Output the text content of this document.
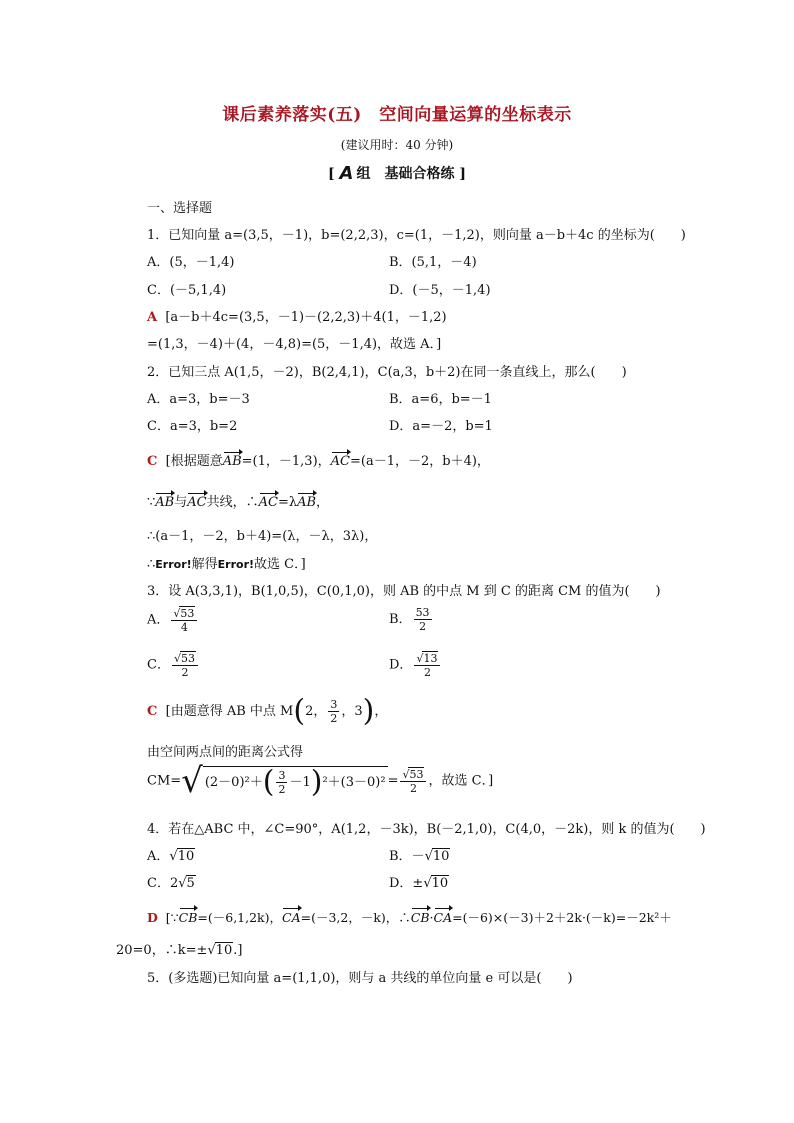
课后素养落实(五)　空间向量运算的坐标表示
(建议用时：40 分钟)
[ A 组　基础合格练 ]
一、选择题
1．已知向量 a=(3,5，－1)，b=(2,2,3)，c=(1，－1,2)，则向量 a－b＋4c 的坐标为(　　)
A．(5，－1,4)	B．(5,1，－4)
C．(－5,1,4)	D．(－5，－1,4)
A [a－b＋4c=(3,5，－1)－(2,2,3)＋4(1，－1,2)
=(1,3，－4)＋(4，－4,8)=(5，－1,4)，故选 A．]
2．已知三点 A(1,5，－2)，B(2,4,1)，C(a,3，b＋2)在同一条直线上，那么(　　)
A．a=3，b=－3	B．a=6，b=－1
C．a=3，b=2	D．a=－2，b=1
C [根据题意AB=(1，－1,3)，AC=(a－1，－2，b＋4)，
∵AB与AC共线，∴AC=λAB，
∴(a－1，－2，b＋4)=(λ，－λ，3λ)，
∴Error!解得Error!故选 C．]
3．设 A(3,3,1)，B(1,0,5)，C(0,1,0)，则 AB 的中点 M 到 C 的距离 CM 的值为(　　)
A． $\frac{√53}{4}$	B． $\frac{53}{2}$
C． $\frac{√53}{2}$	D． $\frac{√13}{2}$
C [由题意得 AB 中点 M(2， $\frac{3}{2}$ ，3)，
由空间两点间的距离公式得
CM=√ $(2-0)^2+( \frac{3}{2} -1)^2+(3-0)^2 = \frac{√53}{2}$ ，故选 C．]
4．若在△ABC 中，∠C=90°，A(1,2，－3k)，B(－2,1,0)，C(4,0，－2k)，则 k 的值为(　　)
A．√10	B．－√10
C．2√5	D．±√10
D [∵CB=(－6,1,2k)，CA=(－3,2，－k)，∴CB·CA=(－6)×(－3)＋2＋2k·(－k)=－2k²＋
20=0，∴k=±√10.]
5．(多选题)已知向量 a=(1,1,0)，则与 a 共线的单位向量 e 可以是(　　)
